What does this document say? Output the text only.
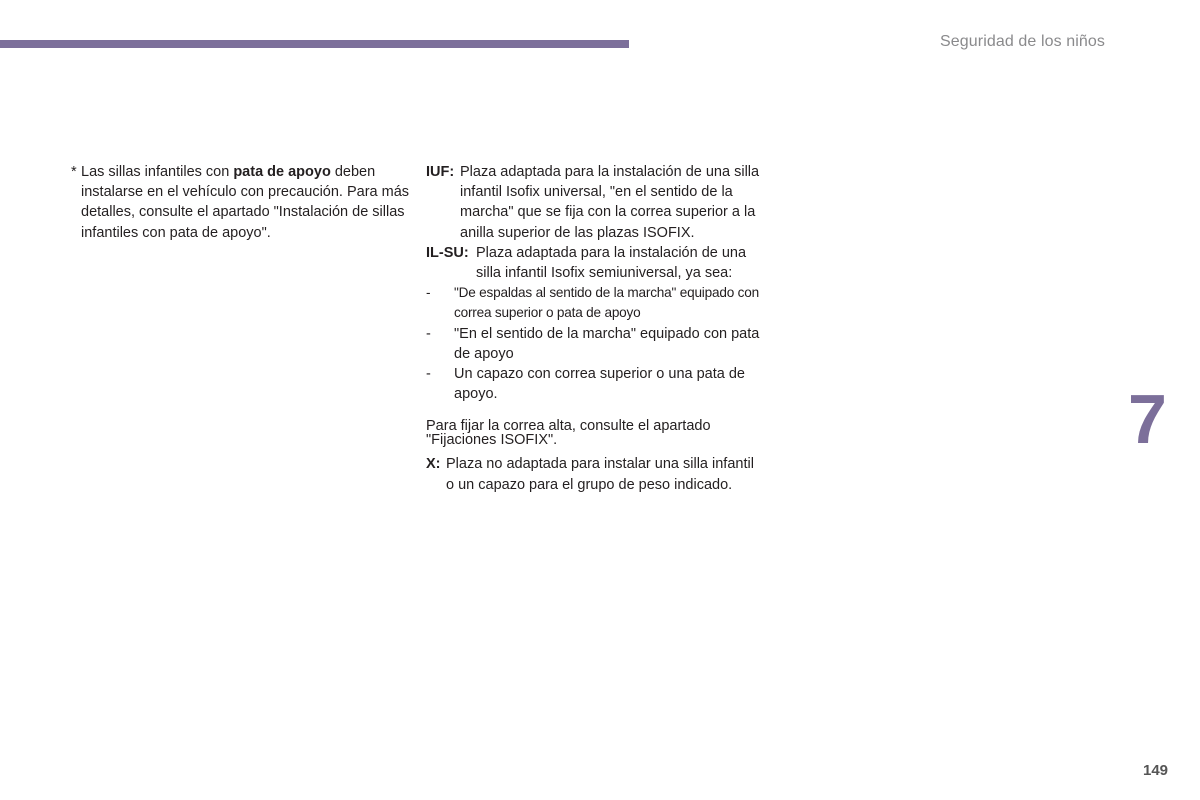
Seguridad de los niños
* Las sillas infantiles con pata de apoyo deben instalarse en el vehículo con precaución. Para más detalles, consulte el apartado "Instalación de sillas infantiles con pata de apoyo".
IUF: Plaza adaptada para la instalación de una silla infantil Isofix universal, "en el sentido de la marcha" que se fija con la correa superior a la anilla superior de las plazas ISOFIX.
IL-SU: Plaza adaptada para la instalación de una silla infantil Isofix semiuniversal, ya sea:
- "De espaldas al sentido de la marcha" equipado con correa superior o pata de apoyo
- "En el sentido de la marcha" equipado con pata de apoyo
- Un capazo con correa superior o una pata de apoyo.
Para fijar la correa alta, consulte el apartado "Fijaciones ISOFIX".
X: Plaza no adaptada para instalar una silla infantil o un capazo para el grupo de peso indicado.
7
149
